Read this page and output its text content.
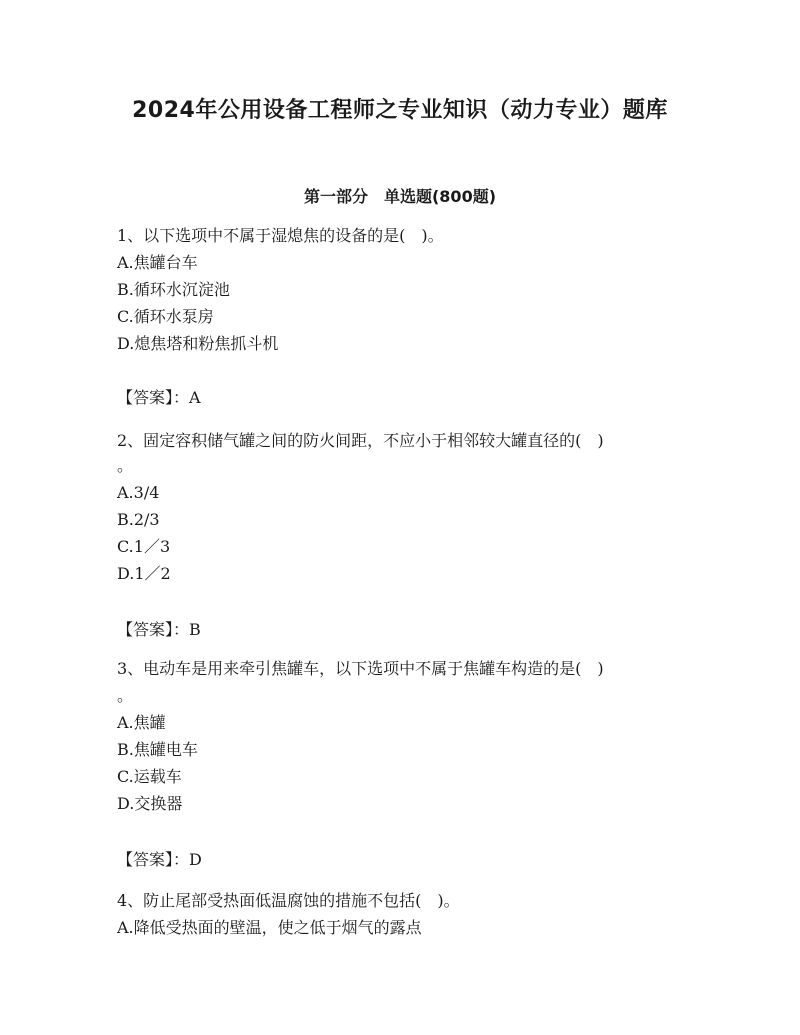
2024年公用设备工程师之专业知识（动力专业）题库
第一部分　单选题(800题)
1、以下选项中不属于湿熄焦的设备的是(　)。
A.焦罐台车
B.循环水沉淀池
C.循环水泵房
D.熄焦塔和粉焦抓斗机
【答案】：A
2、固定容积储气罐之间的防火间距，不应小于相邻较大罐直径的(　)
。
A.3/4
B.2/3
C.1／3
D.1／2
【答案】：B
3、电动车是用来牵引焦罐车，以下选项中不属于焦罐车构造的是(　)
。
A.焦罐
B.焦罐电车
C.运载车
D.交换器
【答案】：D
4、防止尾部受热面低温腐蚀的措施不包括(　)。
A.降低受热面的壁温，使之低于烟气的露点
